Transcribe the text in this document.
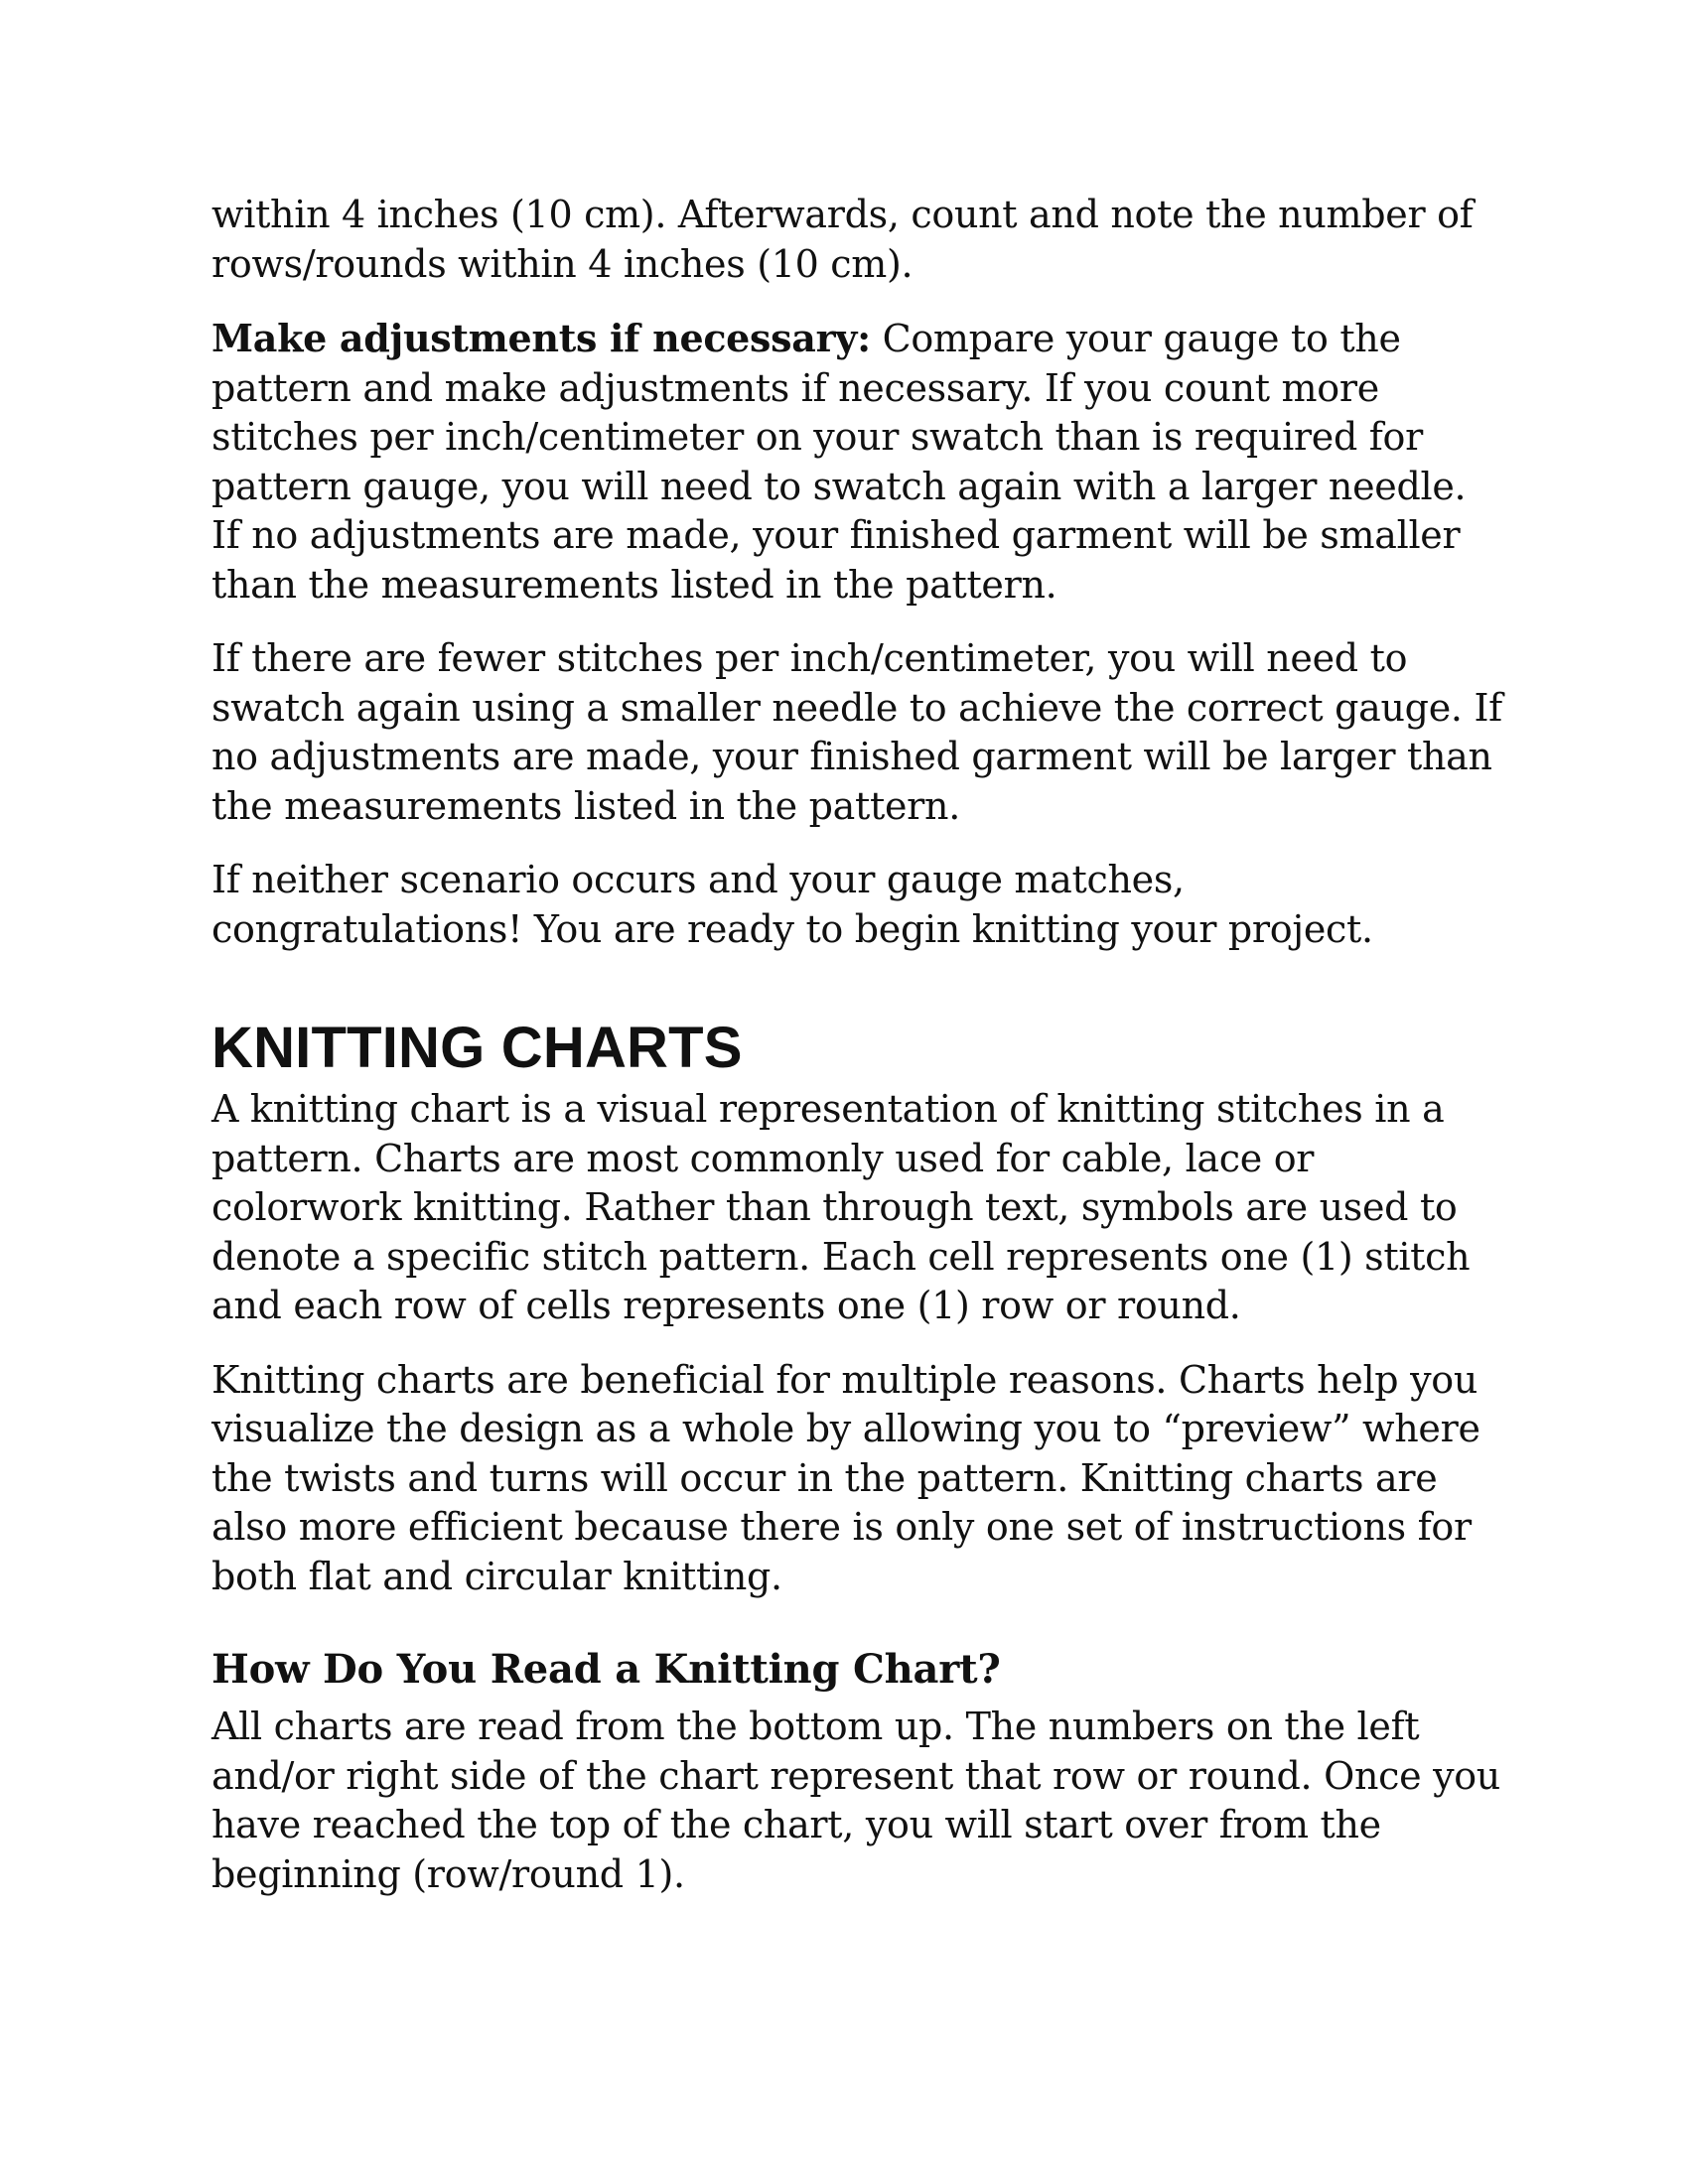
within 4 inches (10 cm). Afterwards, count and note the number of rows/rounds within 4 inches (10 cm).

Make adjustments if necessary: Compare your gauge to the pattern and make adjustments if necessary. If you count more stitches per inch/centimeter on your swatch than is required for pattern gauge, you will need to swatch again with a larger needle. If no adjustments are made, your finished garment will be smaller than the measurements listed in the pattern.

If there are fewer stitches per inch/centimeter, you will need to swatch again using a smaller needle to achieve the correct gauge. If no adjustments are made, your finished garment will be larger than the measurements listed in the pattern.

If neither scenario occurs and your gauge matches, congratulations! You are ready to begin knitting your project.

KNITTING CHARTS

A knitting chart is a visual representation of knitting stitches in a pattern. Charts are most commonly used for cable, lace or colorwork knitting. Rather than through text, symbols are used to denote a specific stitch pattern. Each cell represents one (1) stitch and each row of cells represents one (1) row or round.

Knitting charts are beneficial for multiple reasons. Charts help you visualize the design as a whole by allowing you to “preview” where the twists and turns will occur in the pattern. Knitting charts are also more efficient because there is only one set of instructions for both flat and circular knitting.

How Do You Read a Knitting Chart?

All charts are read from the bottom up. The numbers on the left and/or right side of the chart represent that row or round. Once you have reached the top of the chart, you will start over from the beginning (row/round 1).
